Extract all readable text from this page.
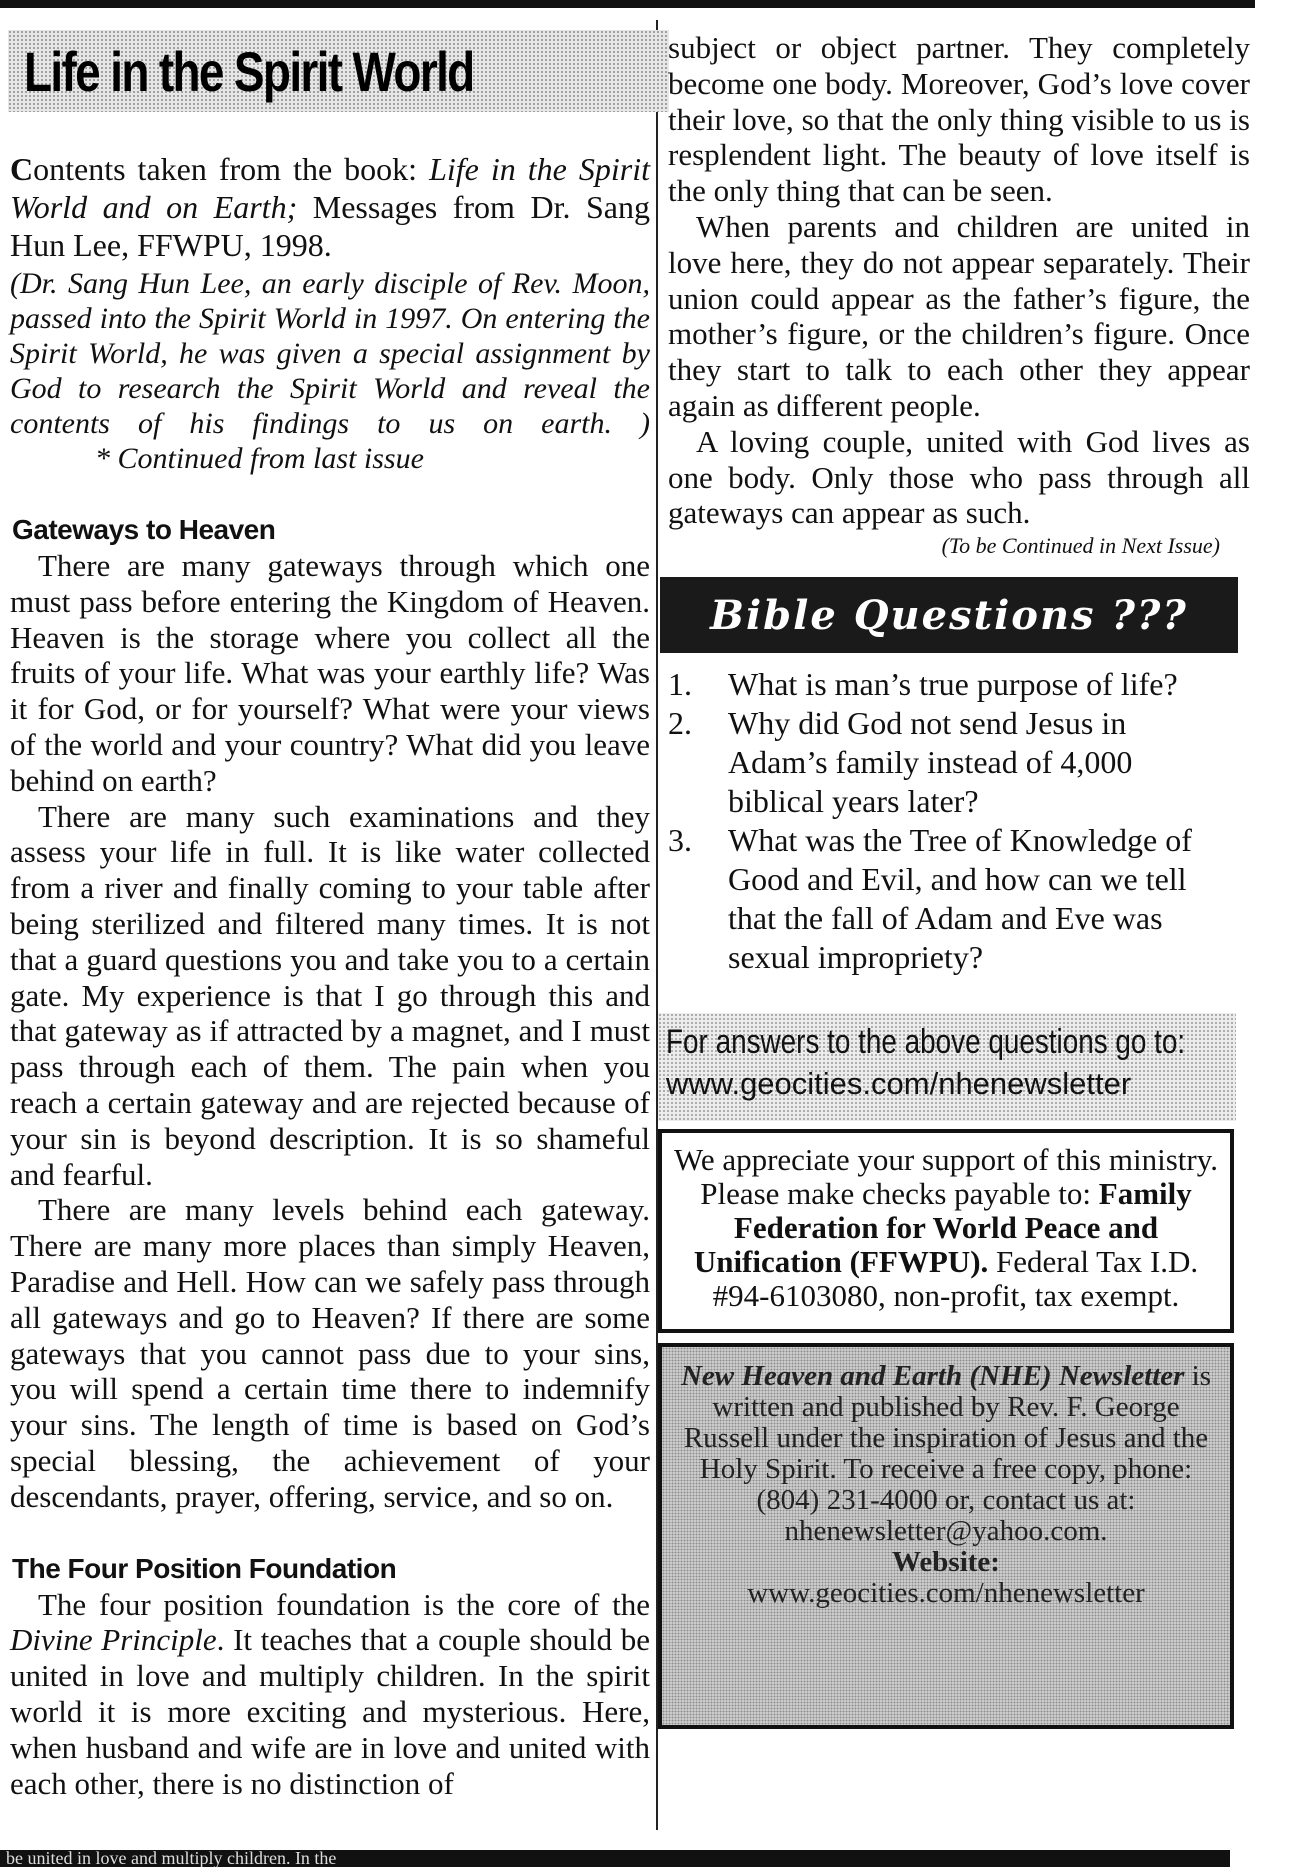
Life in the Spirit World

Contents taken from the book: Life in the Spirit World and on Earth; Messages from Dr. Sang Hun Lee, FFWPU, 1998.

(Dr. Sang Hun Lee, an early disciple of Rev. Moon, passed into the Spirit World in 1997. On entering the Spirit World, he was given a special assignment by God to research the Spirit World and reveal the contents of his findings to us on earth. )* Continued from last issue

Gateways to Heaven

There are many gateways through which one must pass before entering the Kingdom of Heaven. Heaven is the storage where you collect all the fruits of your life. What was your earthly life? Was it for God, or for yourself? What were your views of the world and your country? What did you leave behind on earth?

There are many such examinations and they assess your life in full. It is like water collected from a river and finally coming to your table after being sterilized and filtered many times. It is not that a guard questions you and take you to a certain gate. My experience is that I go through this and that gateway as if attracted by a magnet, and I must pass through each of them. The pain when you reach a certain gateway and are rejected because of your sin is beyond description. It is so shameful and fearful.

There are many levels behind each gateway. There are many more places than simply Heaven, Paradise and Hell. How can we safely pass through all gateways and go to Heaven? If there are some gateways that you cannot pass due to your sins, you will spend a certain time there to indemnify your sins. The length of time is based on God’s special blessing, the achievement of your descendants, prayer, offering, service, and so on.

The Four Position Foundation

The four position foundation is the core of the Divine Principle. It teaches that a couple should be united in love and multiply children. In the spirit world it is more exciting and mysterious. Here, when husband and wife are in love and united with each other, there is no distinction of

subject or object partner. They completely become one body. Moreover, God’s love cover their love, so that the only thing visible to us is resplendent light. The beauty of love itself is the only thing that can be seen.

When parents and children are united in love here, they do not appear separately. Their union could appear as the father’s figure, the mother’s figure, or the children’s figure. Once they start to talk to each other they appear again as different people.

A loving couple, united with God lives as one body. Only those who pass through all gateways can appear as such.

(To be Continued in Next Issue)

Bible Questions ???
1.	What is man’s true purpose of life?
2.	Why did God not send Jesus in Adam’s family instead of 4,000 biblical years later?
3.	What was the Tree of Knowledge of Good and Evil, and how can we tell that the fall of Adam and Eve was sexual impropriety?
For answers to the above questions go to:
www.geocities.com/nhenewsletter
We appreciate your support of this ministry. Please make checks payable to: Family Federation for World Peace and Unification (FFWPU). Federal Tax I.D. #94-6103080, non-profit, tax exempt.
New Heaven and Earth (NHE) Newsletter is written and published by Rev. F. George Russell under the inspiration of Jesus and the Holy Spirit. To receive a free copy, phone: (804) 231-4000 or, contact us at: nhenewsletter@yahoo.com.
Website:
www.geocities.com/nhenewsletter
be united in love and multiply children. In the
